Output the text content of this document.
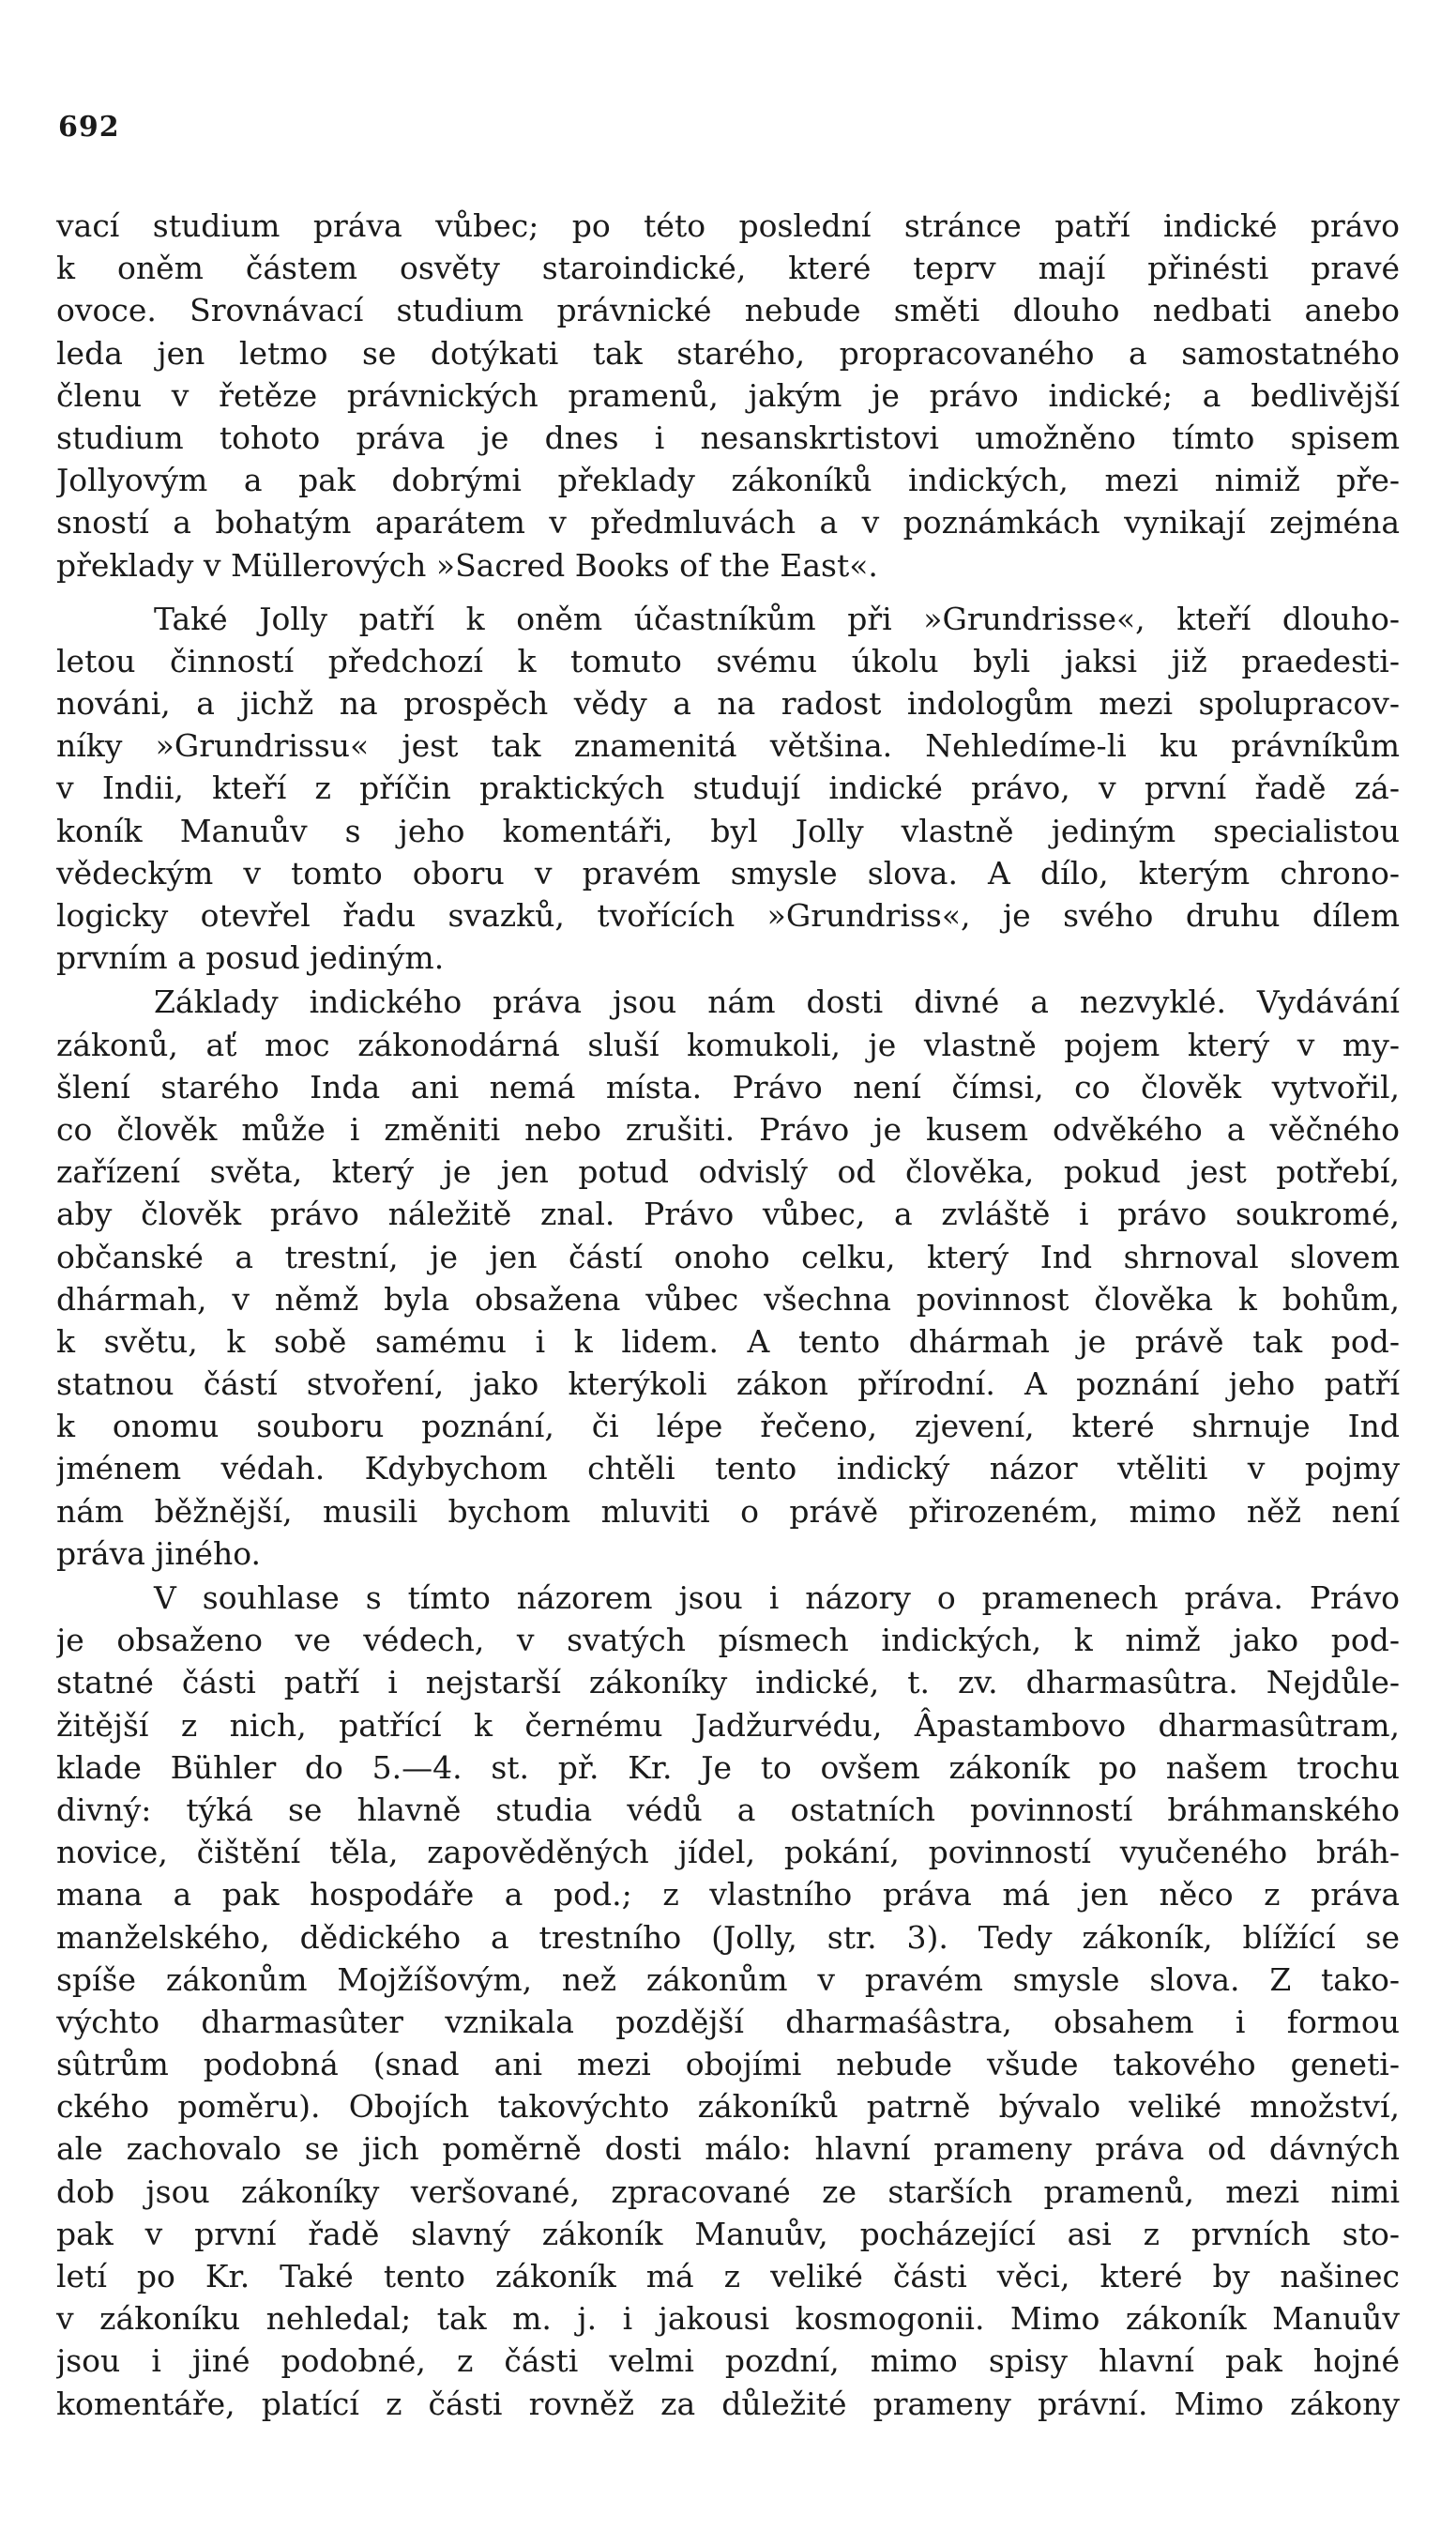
692
vací studium práva vůbec; po této poslední stránce patří indické právo
k oněm částem osvěty staroindické, které teprv mají přinésti pravé
ovoce. Srovnávací studium právnické nebude směti dlouho nedbati anebo
leda jen letmo se dotýkati tak starého, propracovaného a samostatného
členu v řetěze právnických pramenů, jakým je právo indické; a bedlivější
studium tohoto práva je dnes i nesanskrtistovi umožněno tímto spisem
Jollyovým a pak dobrými překlady zákoníků indických, mezi nimiž pře-
sností a bohatým aparátem v předmluvách a v poznámkách vynikají zejména
překlady v Müllerových »Sacred Books of the East«.
Také Jolly patří k oněm účastníkům při »Grundrisse«, kteří dlouho-
letou činností předchozí k tomuto svému úkolu byli jaksi již praedesti-
nováni, a jichž na prospěch vědy a na radost indologům mezi spolupracov-
níky »Grundrissu« jest tak znamenitá většina. Nehledíme-li ku právníkům
v Indii, kteří z příčin praktických studují indické právo, v první řadě zá-
koník Manuův s jeho komentáři, byl Jolly vlastně jediným specialistou
vědeckým v tomto oboru v pravém smysle slova. A dílo, kterým chrono-
logicky otevřel řadu svazků, tvořících »Grundriss«, je svého druhu dílem
prvním a posud jediným.
Základy indického práva jsou nám dosti divné a nezvyklé. Vydávání
zákonů, ať moc zákonodárná sluší komukoli, je vlastně pojem který v my-
šlení starého Inda ani nemá místa. Právo není čímsi, co člověk vytvořil,
co člověk může i změniti nebo zrušiti. Právo je kusem odvěkého a věčného
zařízení světa, který je jen potud odvislý od člověka, pokud jest potřebí,
aby člověk právo náležitě znal. Právo vůbec, a zvláště i právo soukromé,
občanské a trestní, je jen částí onoho celku, který Ind shrnoval slovem
dhármah, v němž byla obsažena vůbec všechna povinnost člověka k bohům,
k světu, k sobě samému i k lidem. A tento dhármah je právě tak pod-
statnou částí stvoření, jako kterýkoli zákon přírodní. A poznání jeho patří
k onomu souboru poznání, či lépe řečeno, zjevení, které shrnuje Ind
jménem védah. Kdybychom chtěli tento indický názor vtěliti v pojmy
nám běžnější, musili bychom mluviti o právě přirozeném, mimo něž není
práva jiného.
V souhlase s tímto názorem jsou i názory o pramenech práva. Právo
je obsaženo ve védech, v svatých písmech indických, k nimž jako pod-
statné části patří i nejstarší zákoníky indické, t. zv. dharmasûtra. Nejdůle-
žitější z nich, patřící k černému Jadžurvédu, Âpastambovo dharmasûtram,
klade Bühler do 5.—4. st. př. Kr. Je to ovšem zákoník po našem trochu
divný: týká se hlavně studia védů a ostatních povinností bráhmanského
novice, čištění těla, zapověděných jídel, pokání, povinností vyučeného bráh-
mana a pak hospodáře a pod.; z vlastního práva má jen něco z práva
manželského, dědického a trestního (Jolly, str. 3). Tedy zákoník, blížící se
spíše zákonům Mojžíšovým, než zákonům v pravém smysle slova. Z tako-
výchto dharmasûter vznikala pozdější dharmaśâstra, obsahem i formou
sûtrům podobná (snad ani mezi obojími nebude všude takového geneti-
ckého poměru). Obojích takovýchto zákoníků patrně bývalo veliké množství,
ale zachovalo se jich poměrně dosti málo: hlavní prameny práva od dávných
dob jsou zákoníky veršované, zpracované ze starších pramenů, mezi nimi
pak v první řadě slavný zákoník Manuův, pocházející asi z prvních sto-
letí po Kr. Také tento zákoník má z veliké části věci, které by našinec
v zákoníku nehledal; tak m. j. i jakousi kosmogonii. Mimo zákoník Manuův
jsou i jiné podobné, z části velmi pozdní, mimo spisy hlavní pak hojné
komentáře, platící z části rovněž za důležité prameny právní. Mimo zákony
